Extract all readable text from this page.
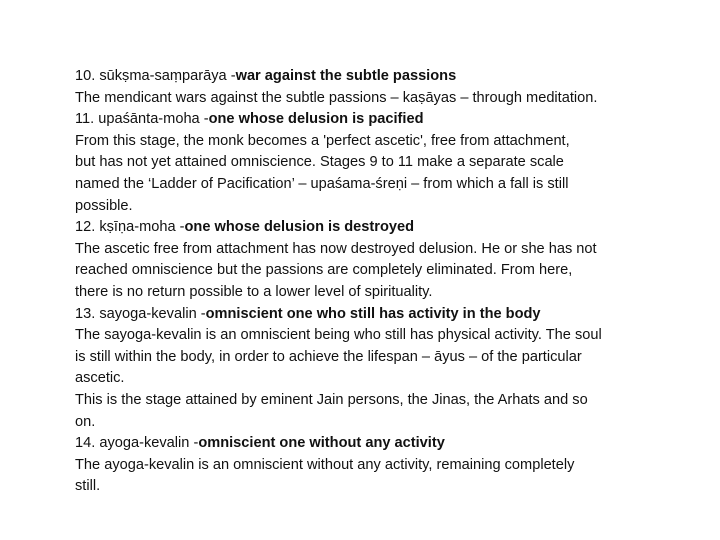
10. sūkṣma-saṃparāya -war against the subtle passions
The mendicant wars against the subtle passions – kaṣāyas – through meditation.
11. upaśānta-moha -one whose delusion is pacified
From this stage, the monk becomes a 'perfect ascetic', free from attachment,
but has not yet attained omniscience. Stages 9 to 11 make a separate scale
named the ‘Ladder of Pacification’ – upaśama-śreṇi – from which a fall is still
possible.
12. kṣīṇa-moha -one whose delusion is destroyed
The ascetic free from attachment has now destroyed delusion. He or she has not
reached omniscience but the passions are completely eliminated. From here,
there is no return possible to a lower level of spirituality.
13. sayoga-kevalin -omniscient one who still has activity in the body
The sayoga-kevalin is an omniscient being who still has physical activity. The soul
is still within the body, in order to achieve the lifespan – āyus – of the particular
ascetic.
This is the stage attained by eminent Jain persons, the Jinas, the Arhats and so
on.
14. ayoga-kevalin -omniscient one without any activity
The ayoga-kevalin is an omniscient without any activity, remaining completely
still.
